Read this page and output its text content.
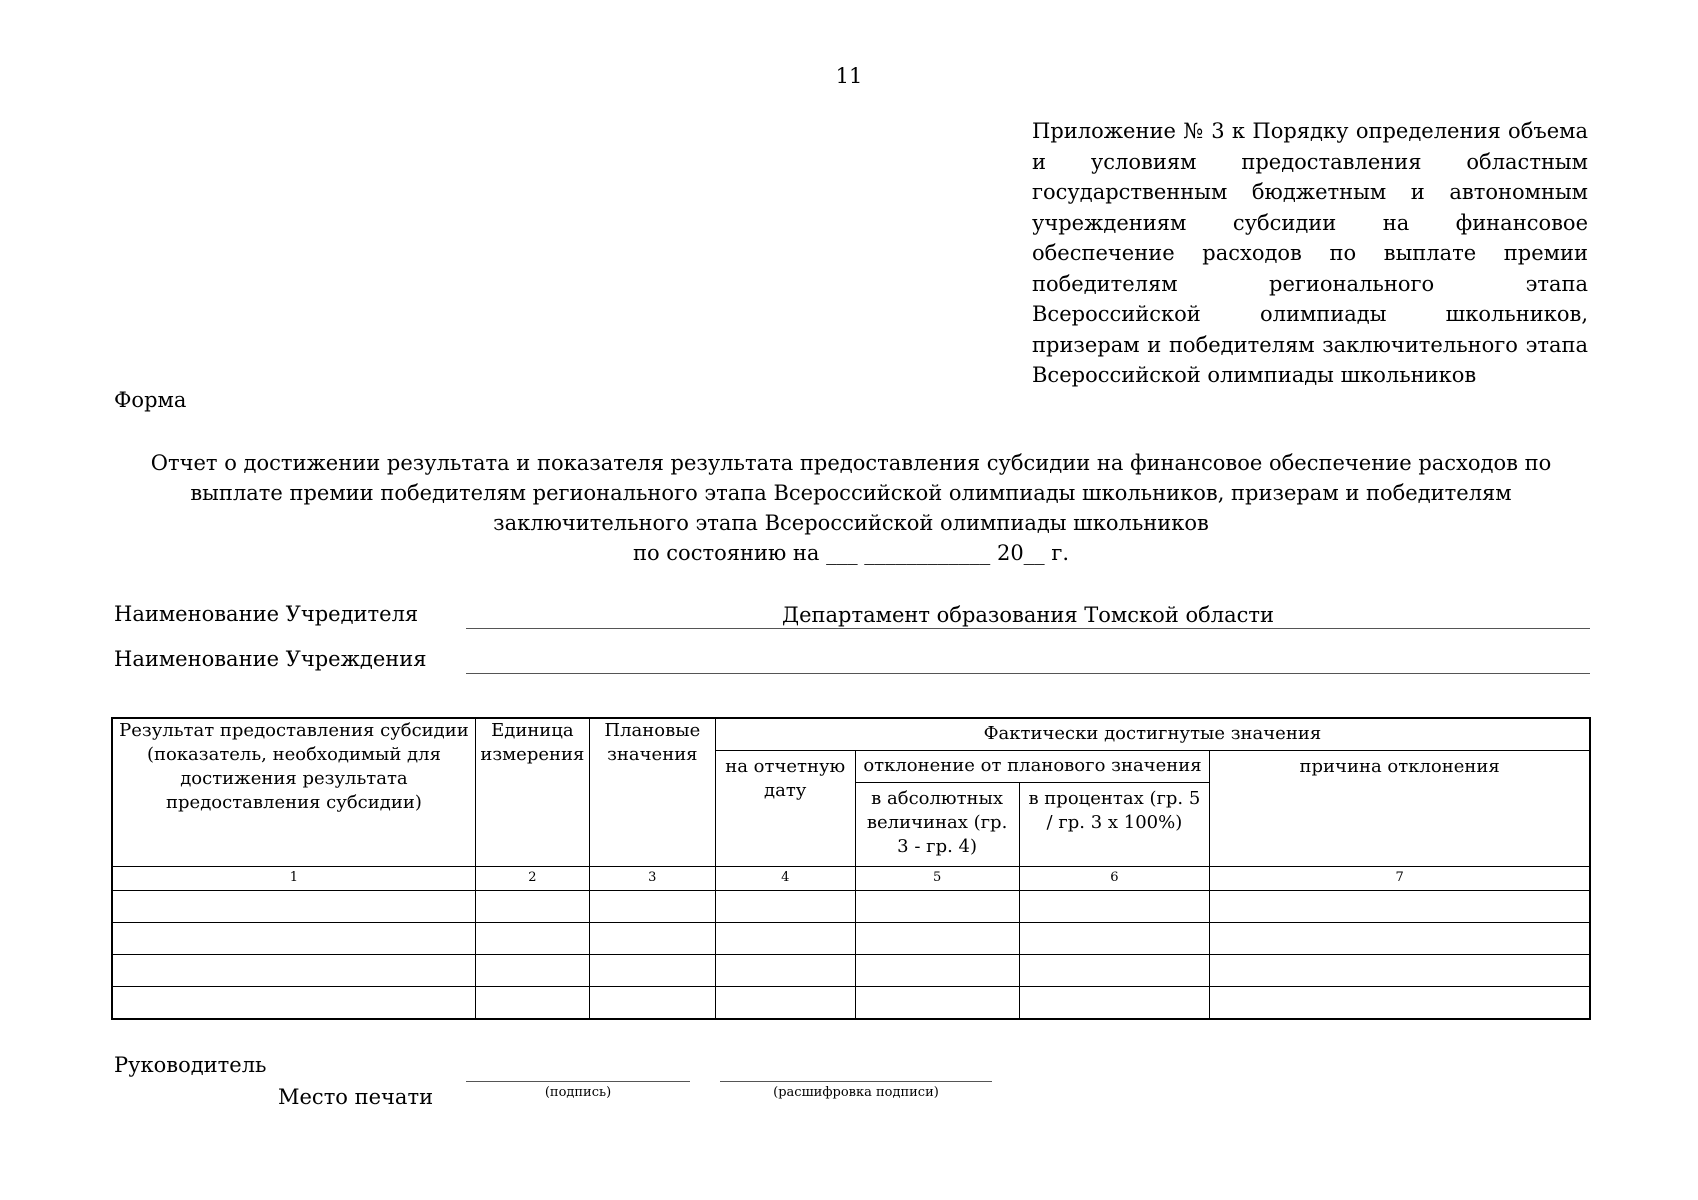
11
Приложение № 3 к Порядку определения объема и условиям предоставления областным государственным бюджетным и автономным учреждениям субсидии на финансовое обеспечение расходов по выплате премии победителям регионального этапа Всероссийской олимпиады школьников, призерам и победителям заключительного этапа Всероссийской олимпиады школьников
Форма
Отчет о достижении результата и показателя результата предоставления субсидии на финансовое обеспечение расходов по
выплате премии победителям регионального этапа Всероссийской олимпиады школьников, призерам и победителям
заключительного этапа Всероссийской олимпиады школьников
по состоянию на ___ ____________ 20__ г.
Наименование Учредителя	Департамент образования Томской области
Наименование Учреждения
Результат предоставления субсидии (показатель, необходимый для достижения результата предоставления субсидии)	Единица измерения	Плановые значения	Фактически достигнутые значения			
			на отчетную дату	отклонение от планового значения		причина отклонения
				в абсолютных величинах (гр. 3 - гр. 4)	в процентах (гр. 5 / гр. 3 x 100%)	
1	2	3	4	5	6	7

Руководитель
Место печати	(подпись)	(расшифровка подписи)
